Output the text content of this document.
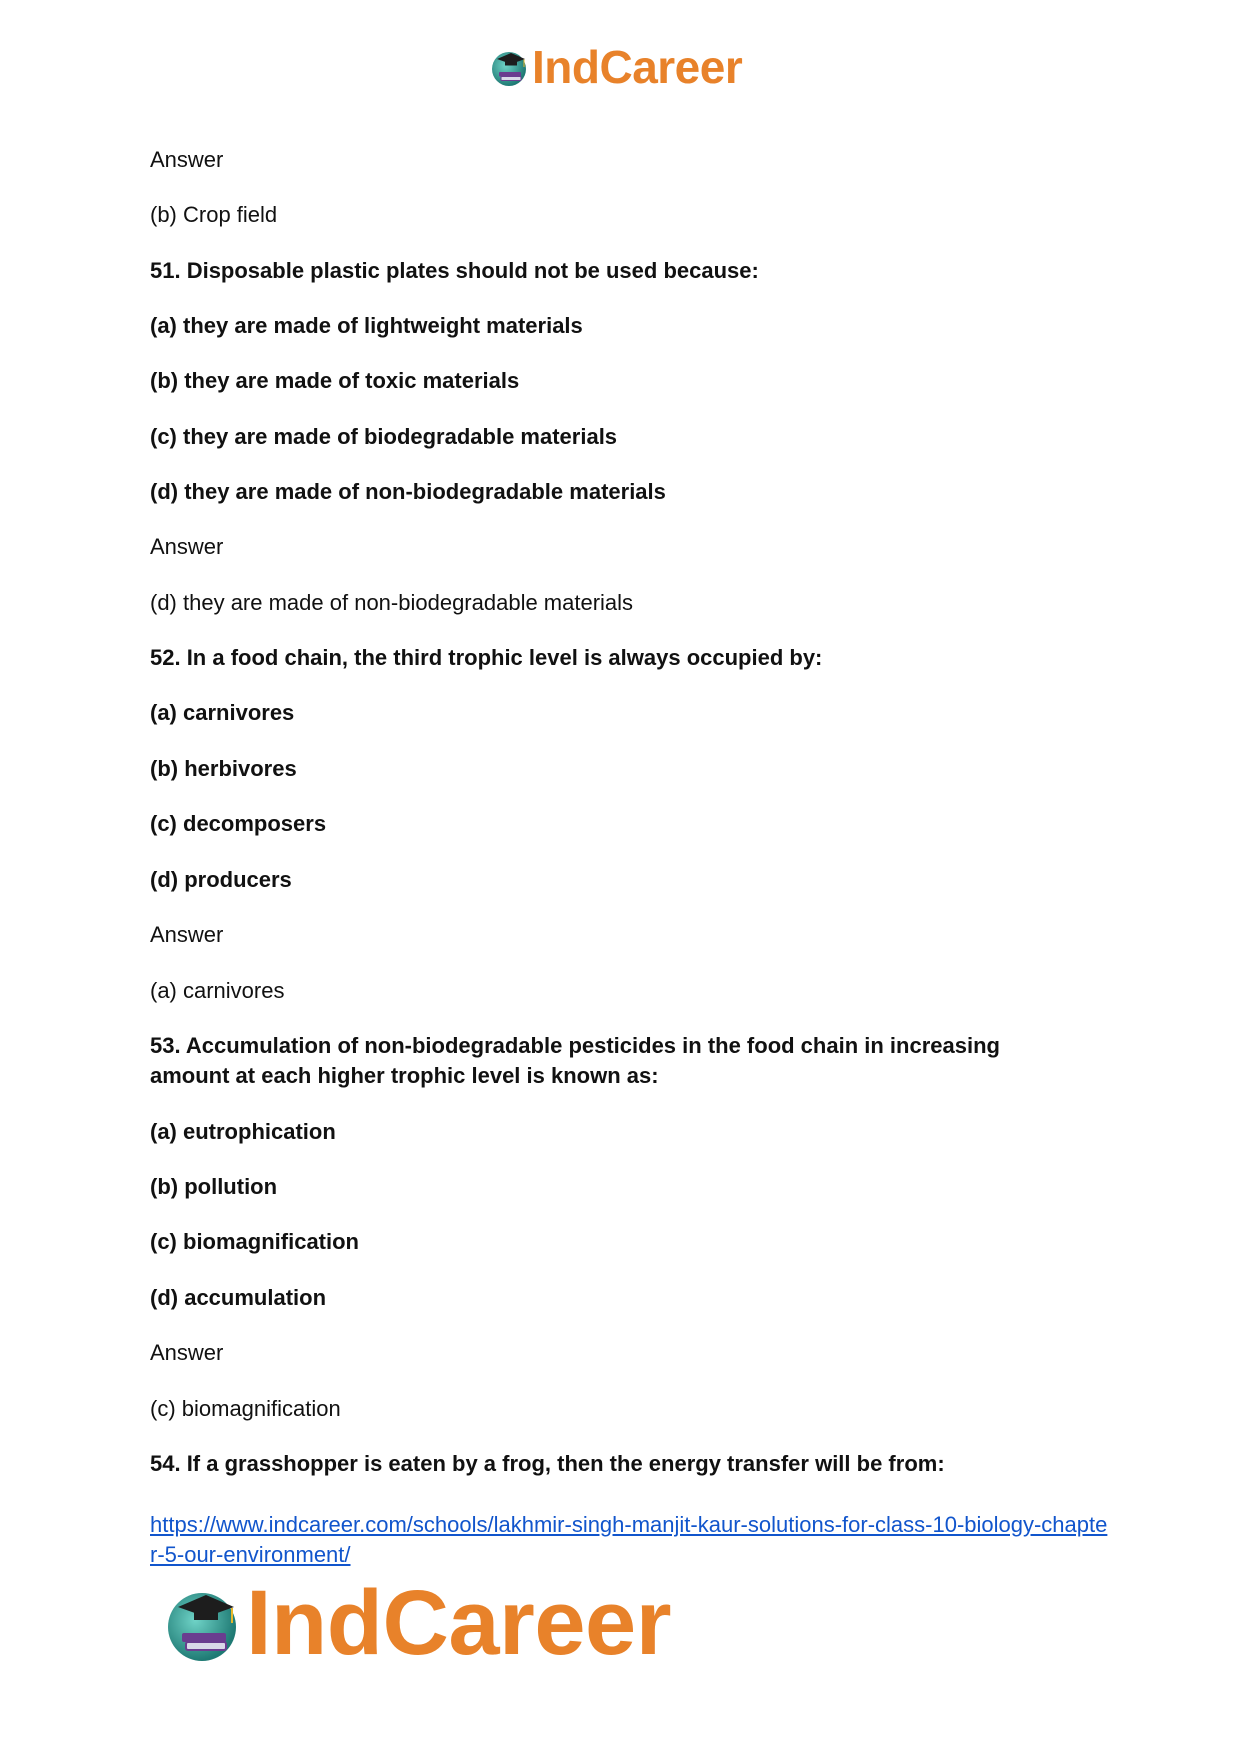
IndCareer
Answer
(b) Crop field
51. Disposable plastic plates should not be used because:
(a) they are made of lightweight materials
(b) they are made of toxic materials
(c) they are made of biodegradable materials
(d) they are made of non-biodegradable materials
Answer
(d) they are made of non-biodegradable materials
52. In a food chain, the third trophic level is always occupied by:
(a) carnivores
(b) herbivores
(c) decomposers
(d) producers
Answer
(a) carnivores
53. Accumulation of non-biodegradable pesticides in the food chain in increasing amount at each higher trophic level is known as:
(a) eutrophication
(b) pollution
(c) biomagnification
(d) accumulation
Answer
(c) biomagnification
54. If a grasshopper is eaten by a frog, then the energy transfer will be from:
https://www.indcareer.com/schools/lakhmir-singh-manjit-kaur-solutions-for-class-10-biology-chapter-5-our-environment/
IndCareer
